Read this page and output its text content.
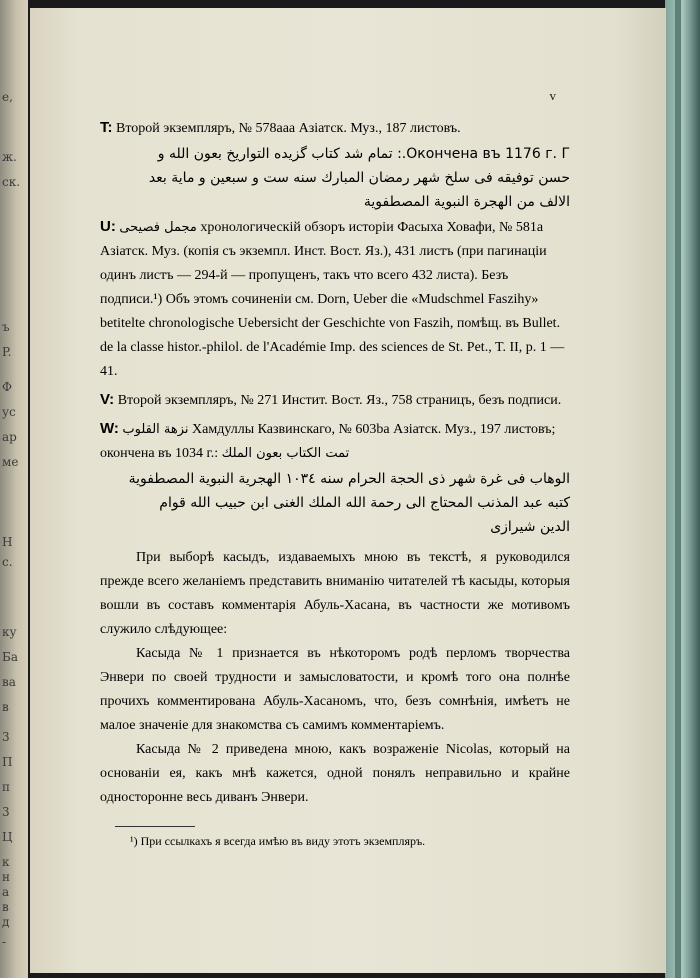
e,
ж.
ск.
ъ
P.
Ф
ус
ар
ме
Н
с.
ку
Ба
ва
в
3
П
п
3
Ц
к
н
а
в
д
-
v
T: Второй экземпляръ, № 578aaa Азіатск. Муз., 187 листовъ.
Окончена въ 1176 г. Г.: تمام شد کتاب گزیده التواریخ بعون الله و
حسن توفیقه فی سلخ شهر رمضان المبارك سنه ست و سبعین و مایة بعد
الالف من الهجرة النبویة المصطفویة
U: مجمل فصیحی хронологическій обзоръ исторіи Фасыха Ховафи, № 581а Азіатск. Муз. (копія съ экземпл. Инст. Вост. Яз.), 431 листъ (при пагинаціи одинъ листъ — 294-й — пропущенъ, такъ что всего 432 листа). Безъ подписи.¹) Объ этомъ сочиненіи см. Dorn, Ueber die «Mudschmel Faszihy» betitelte chronologische Uebersicht der Geschichte von Faszih, помѣщ. въ Bullet. de la classe histor.-philol. de l'Académie Imp. des sciences de St. Pet., T. II, p. 1 — 41.
V: Второй экземпляръ, № 271 Инстит. Вост. Яз., 758 страницъ, безъ подписи.
W: نزهة القلوب Хамдуллы Казвинскаго, № 603ba Азіатск. Муз., 197 листовъ; окончена въ 1034 г.: تمت الكتاب بعون الملك
الوهاب فی غرة شهر ذی الحجة الحرام سنه ١٠٣٤ الهجریة النبویة المصطفویة
كتبه عبد المذنب المحتاج الی رحمة الله الملك الغنی ابن حبیب الله قوام
الدین شیرازی

При выборѣ касыдъ, издаваемыхъ мною въ текстѣ, я руководился прежде всего желаніемъ представить вниманію читателей тѣ касыды, которыя вошли въ составъ комментарія Абуль-Хасана, въ частности же мотивомъ служило слѣдующее:

Касыда № 1 признается въ нѣкоторомъ родѣ перломъ творчества Энвери по своей трудности и замысловатости, и кромѣ того она полнѣе прочихъ комментирована Абуль-Хасаномъ, что, безъ сомнѣнія, имѣетъ не малое значеніе для знакомства съ самимъ комментаріемъ.

Касыда № 2 приведена мною, какъ возраженіе Nicolas, который на основаніи ея, какъ мнѣ кажется, одной понялъ неправильно и крайне односторонне весь диванъ Энвери.

¹) При ссылкахъ я всегда имѣю въ виду этотъ экземпляръ.
